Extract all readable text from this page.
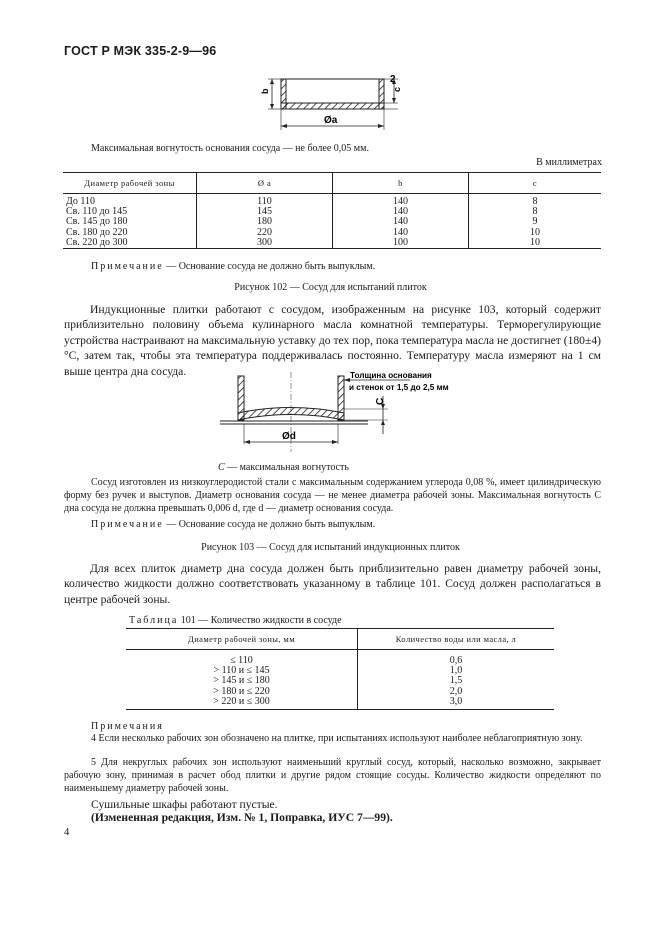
ГОСТ Р МЭК 335-2-9—96
b
2
c
Øa
Максимальная вогнутость основания сосуда — не более 0,05 мм.
В миллиметрах
Диаметр рабочей зоны	Ø a	b	c
До 110	110	140	8
Св. 110 до 145	145	140	8
Св. 145 до 180	180	140	9
Св. 180 до 220	220	140	10
Св. 220 до 300	300	100	10
Примечание — Основание сосуда не должно быть выпуклым.
Рисунок 102 — Сосуд для испытаний плиток
Индукционные плитки работают с сосудом, изображенным на рисунке 103, который содержит приблизительно половину объема кулинарного масла комнатной температуры. Терморегулирующие устройства настраивают на максимальную уставку до тех пор, пока температура масла не достигнет (180±4) °С, затем так, чтобы эта температура поддерживалась постоянно. Температуру масла измеряют на 1 см выше центра дна сосуда.	Толщина основания
и стенок от 1,5 до 2,5 мм
C
Ød
C — максимальная вогнутость
Сосуд изготовлен из низкоуглеродистой стали с максимальным содержанием углерода 0,08 %, имеет цилиндрическую форму без ручек и выступов. Диаметр основания сосуда — не менее диаметра рабочей зоны. Максимальная вогнутость C дна сосуда не должна превышать 0,006 d, где d — диаметр основания сосуда.
Примечание — Основание сосуда не должно быть выпуклым.
Рисунок 103 — Сосуд для испытаний индукционных плиток
Для всех плиток диаметр дна сосуда должен быть приблизительно равен диаметру рабочей зоны, количество жидкости должно соответствовать указанному в таблице 101. Сосуд должен располагаться в центре рабочей зоны.
Таблица 101 — Количество жидкости в сосуде
Диаметр рабочей зоны, мм	Количество воды или масла, л
≤ 110	0,6
> 110 и ≤ 145	1,0
> 145 и ≤ 180	1,5
> 180 и ≤ 220	2,0
> 220 и ≤ 300	3,0
Примечания
4 Если несколько рабочих зон обозначено на плитке, при испытаниях используют наиболее неблагоприятную зону.
5 Для некруглых рабочих зон используют наименьший круглый сосуд, который, насколько возможно, закрывает рабочую зону, принимая в расчет обод плитки и другие рядом стоящие сосуды. Количество жидкости определяют по наименьшему диаметру рабочей зоны.
Сушильные шкафы работают пустые.
(Измененная редакция, Изм. № 1, Поправка, ИУС 7—99).
4
